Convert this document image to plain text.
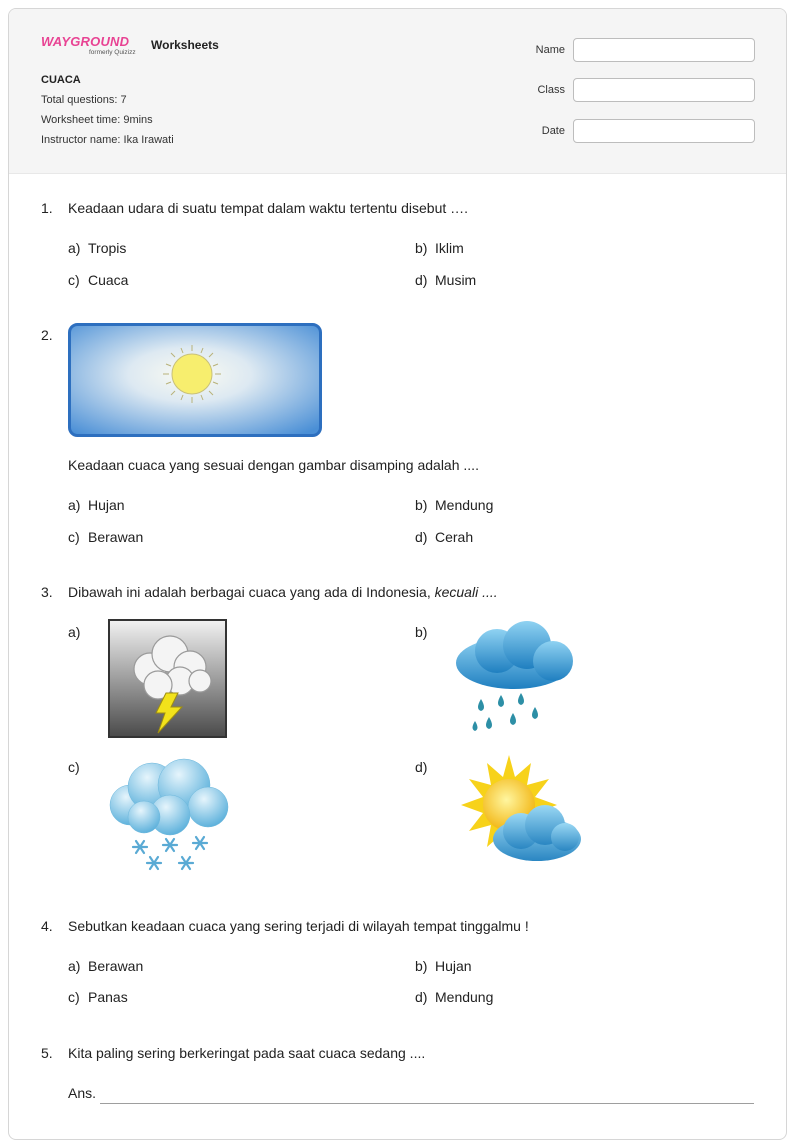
WAYGROUND
formerly Quizizz
Worksheets
CUACA
Total questions: 7
Worksheet time: 9mins
Instructor name: Ika Irawati
Name
Class
Date
1. Keadaan udara di suatu tempat dalam waktu tertentu disebut ….
a) Tropis	b) Iklim
c) Cuaca	d) Musim
2.
Keadaan cuaca yang sesuai dengan gambar disamping adalah ....
a) Hujan	b) Mendung
c) Berawan	d) Cerah
3. Dibawah ini adalah berbagai cuaca yang ada di Indonesia, kecuali ....
a)	b)
c)	d)
4. Sebutkan keadaan cuaca yang sering terjadi di wilayah tempat tinggalmu !
a) Berawan	b) Hujan
c) Panas	d) Mendung
5. Kita paling sering berkeringat pada saat cuaca sedang ....
Ans.
